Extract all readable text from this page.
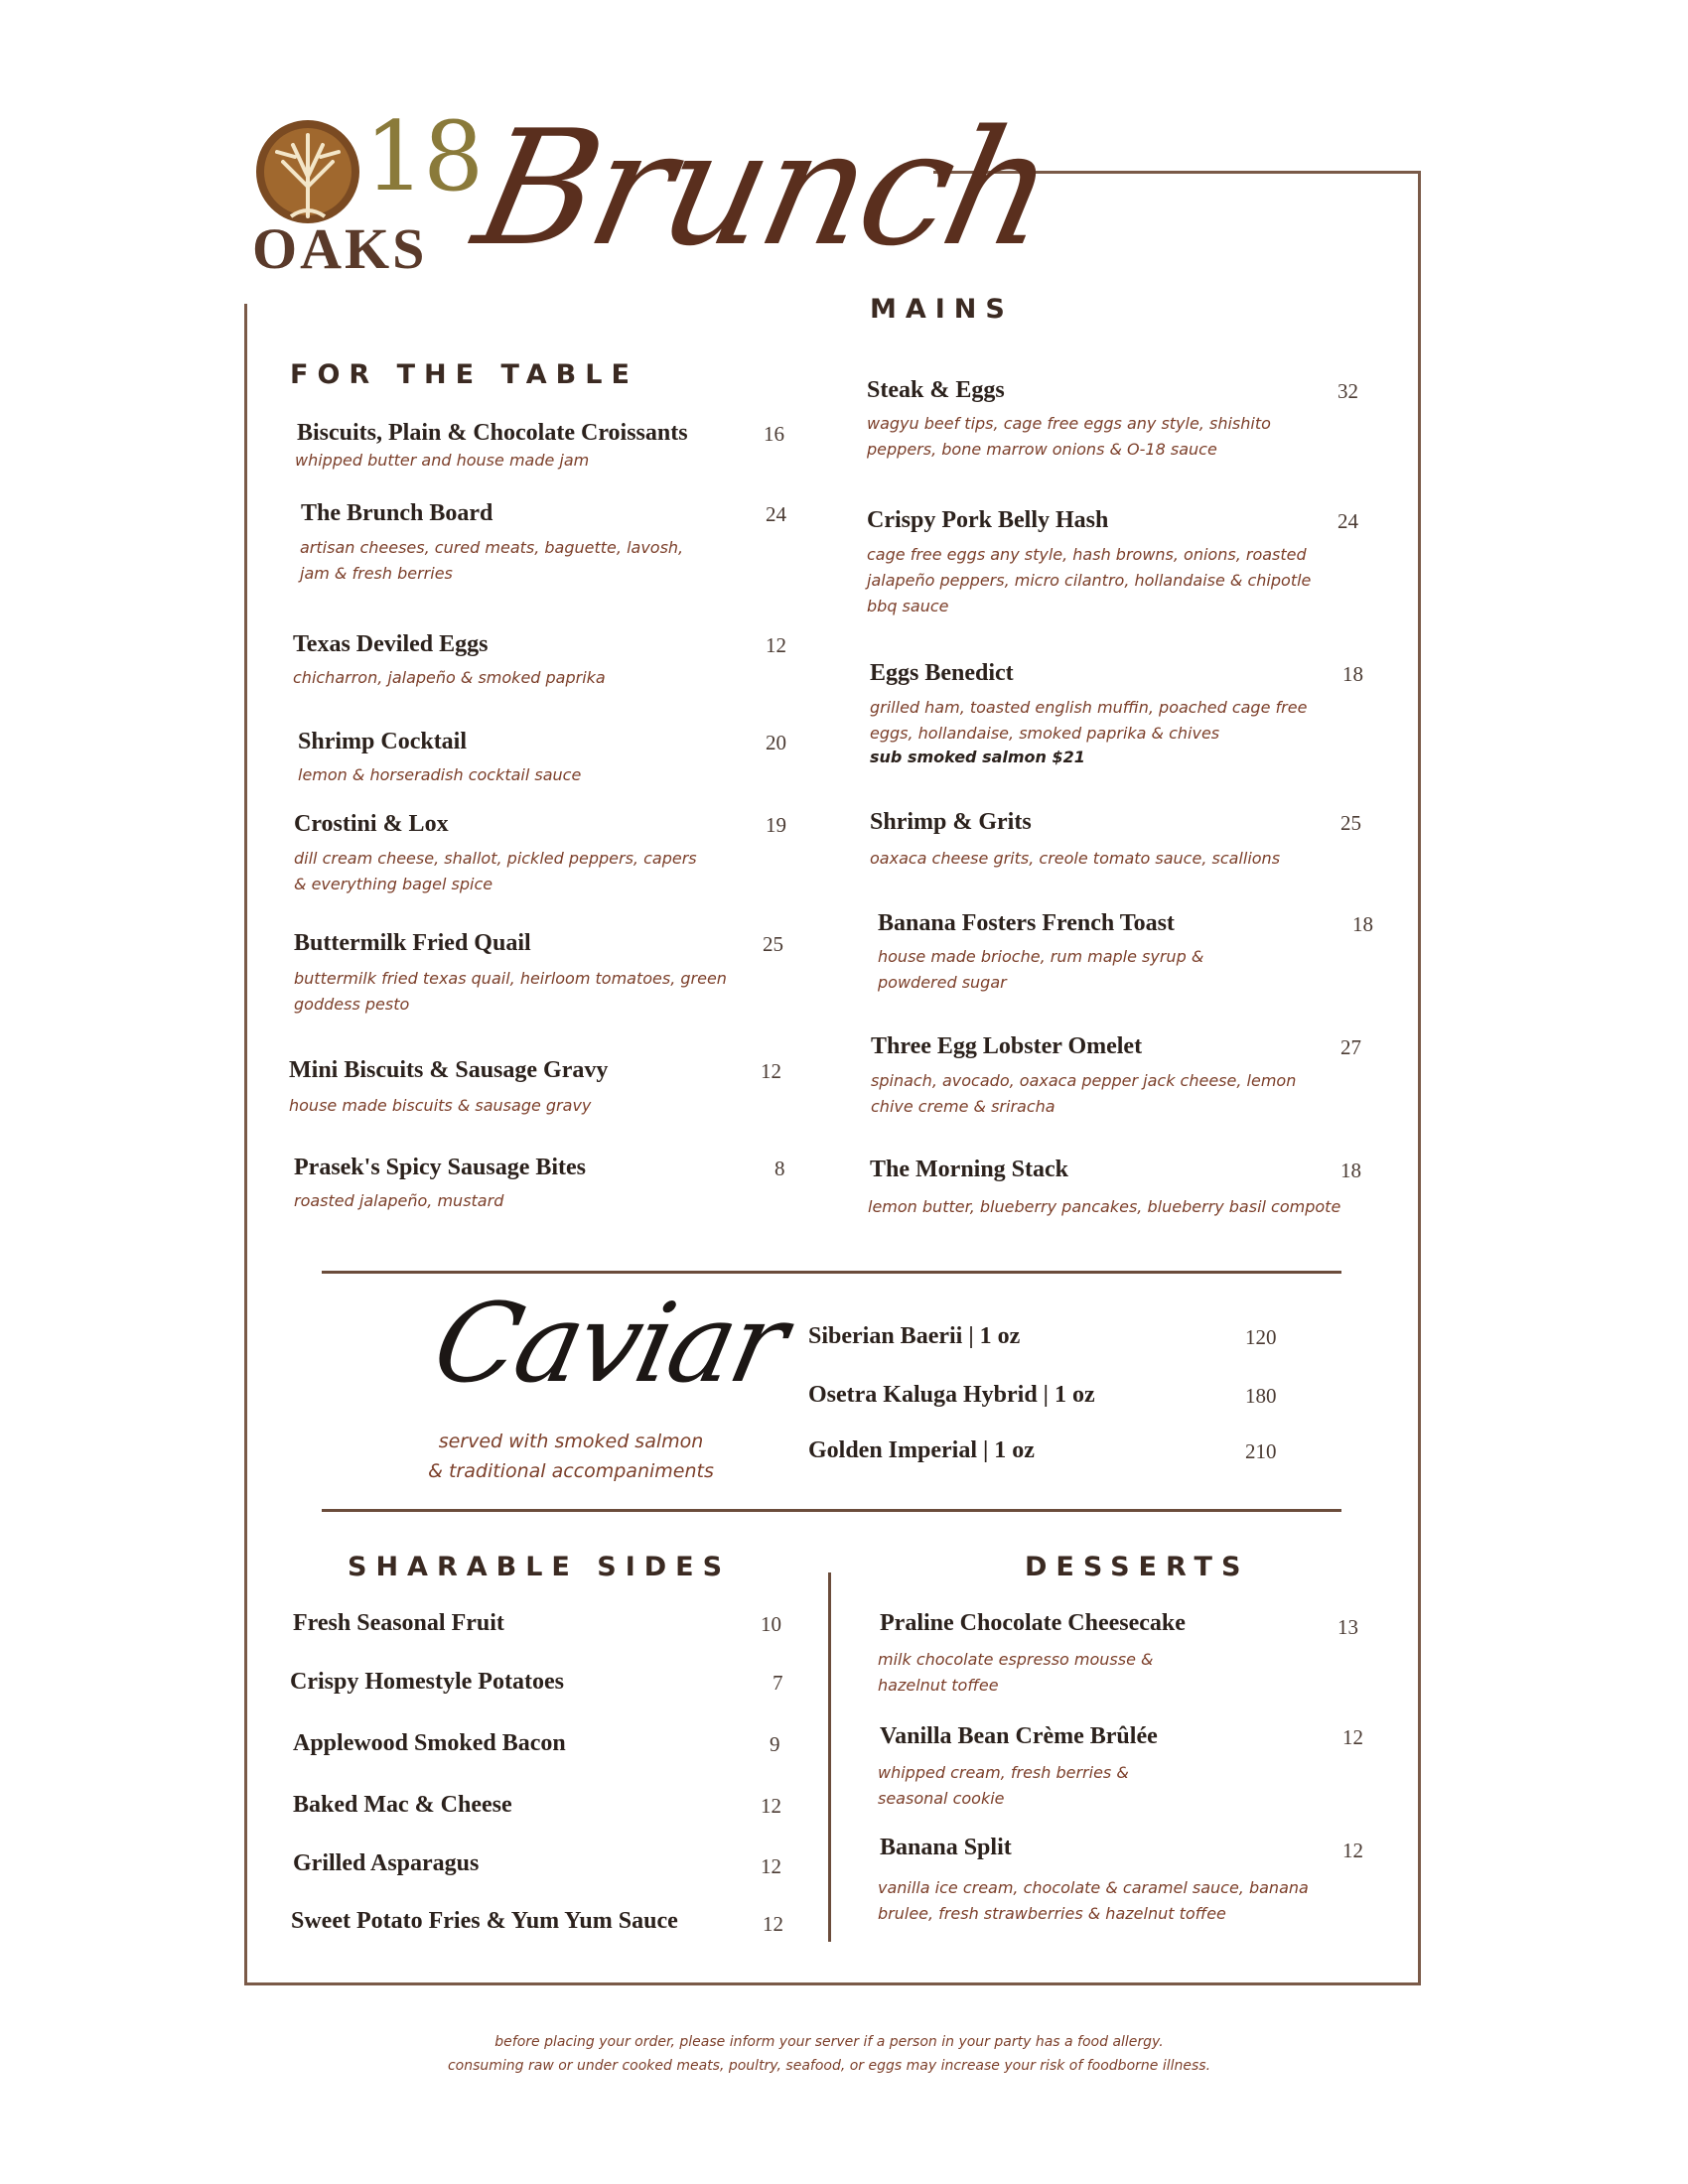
18
OAKS Brunch
FOR THE TABLE
Biscuits, Plain & Chocolate Croissants	16
whipped butter and house made jam
The Brunch Board	24
artisan cheeses, cured meats, baguette, lavosh, jam & fresh berries
Texas Deviled Eggs	12
chicharron, jalapeño & smoked paprika
Shrimp Cocktail	20
lemon & horseradish cocktail sauce
Crostini & Lox	19
dill cream cheese, shallot, pickled peppers, capers & everything bagel spice
Buttermilk Fried Quail	25
buttermilk fried texas quail, heirloom tomatoes, green goddess pesto
Mini Biscuits & Sausage Gravy	12
house made biscuits & sausage gravy
Prasek's Spicy Sausage Bites	8
roasted jalapeño, mustard
MAINS
Steak & Eggs	32
wagyu beef tips, cage free eggs any style, shishito peppers, bone marrow onions & O-18 sauce
Crispy Pork Belly Hash	24
cage free eggs any style, hash browns, onions, roasted jalapeño peppers, micro cilantro, hollandaise & chipotle bbq sauce
Eggs Benedict	18
grilled ham, toasted english muffin, poached cage free eggs, hollandaise, smoked paprika & chives
sub smoked salmon $21
Shrimp & Grits	25
oaxaca cheese grits, creole tomato sauce, scallions
Banana Fosters French Toast	18
house made brioche, rum maple syrup & powdered sugar
Three Egg Lobster Omelet	27
spinach, avocado, oaxaca pepper jack cheese, lemon chive creme & sriracha
The Morning Stack	18
lemon butter, blueberry pancakes, blueberry basil compote
Caviar
served with smoked salmon
& traditional accompaniments
Siberian Baerii | 1 oz	120
Osetra Kaluga Hybrid | 1 oz	180
Golden Imperial | 1 oz	210
SHARABLE SIDES
Fresh Seasonal Fruit	10
Crispy Homestyle Potatoes	7
Applewood Smoked Bacon	9
Baked Mac & Cheese	12
Grilled Asparagus	12
Sweet Potato Fries & Yum Yum Sauce	12
DESSERTS
Praline Chocolate Cheesecake	13
milk chocolate espresso mousse & hazelnut toffee
Vanilla Bean Crème Brûlée	12
whipped cream, fresh berries & seasonal cookie
Banana Split	12
vanilla ice cream, chocolate & caramel sauce, banana brulee, fresh strawberries & hazelnut toffee
before placing your order, please inform your server if a person in your party has a food allergy.
consuming raw or under cooked meats, poultry, seafood, or eggs may increase your risk of foodborne illness.
